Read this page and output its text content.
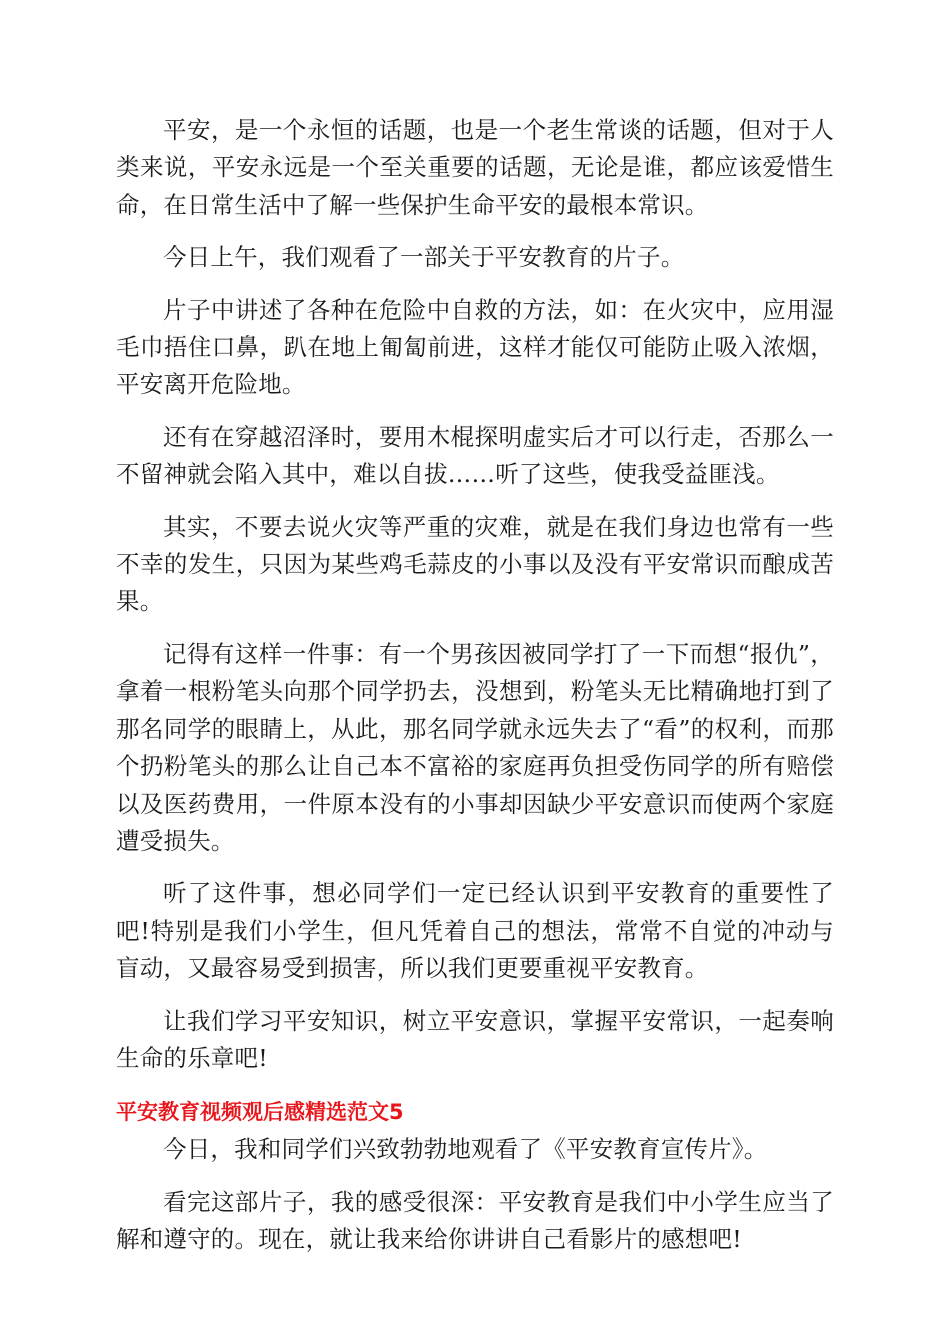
平安，是一个永恒的话题，也是一个老生常谈的话题，但对于人类来说，平安永远是一个至关重要的话题，无论是谁，都应该爱惜生命，在日常生活中了解一些保护生命平安的最根本常识。

今日上午，我们观看了一部关于平安教育的片子。

片子中讲述了各种在危险中自救的方法，如：在火灾中，应用湿毛巾捂住口鼻，趴在地上匍匐前进，这样才能仅可能防止吸入浓烟，平安离开危险地。

还有在穿越沼泽时，要用木棍探明虚实后才可以行走，否那么一不留神就会陷入其中，难以自拔……听了这些，使我受益匪浅。

其实，不要去说火灾等严重的灾难，就是在我们身边也常有一些不幸的发生，只因为某些鸡毛蒜皮的小事以及没有平安常识而酿成苦果。

记得有这样一件事：有一个男孩因被同学打了一下而想“报仇”，拿着一根粉笔头向那个同学扔去，没想到，粉笔头无比精确地打到了那名同学的眼睛上，从此，那名同学就永远失去了“看”的权利，而那个扔粉笔头的那么让自己本不富裕的家庭再负担受伤同学的所有赔偿以及医药费用，一件原本没有的小事却因缺少平安意识而使两个家庭遭受损失。

听了这件事，想必同学们一定已经认识到平安教育的重要性了吧!特别是我们小学生，但凡凭着自己的想法，常常不自觉的冲动与盲动，又最容易受到损害，所以我们更要重视平安教育。

让我们学习平安知识，树立平安意识，掌握平安常识，一起奏响生命的乐章吧!

平安教育视频观后感精选范文5

今日，我和同学们兴致勃勃地观看了《平安教育宣传片》。

看完这部片子，我的感受很深：平安教育是我们中小学生应当了解和遵守的。现在，就让我来给你讲讲自己看影片的感想吧!
